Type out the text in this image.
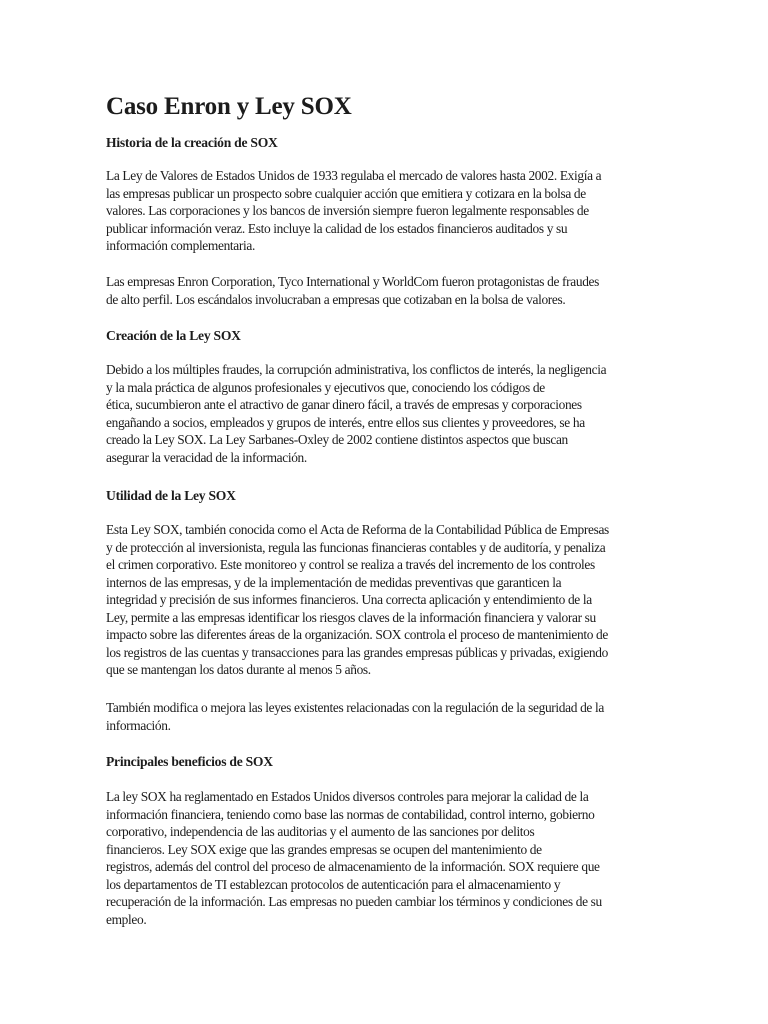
Caso Enron y Ley SOX
Historia de la creación de SOX

La Ley de Valores de Estados Unidos de 1933 regulaba el mercado de valores hasta 2002. Exigía a
las empresas publicar un prospecto sobre cualquier acción que emitiera y cotizara en la bolsa de
valores. Las corporaciones y los bancos de inversión siempre fueron legalmente responsables de
publicar información veraz. Esto incluye la calidad de los estados financieros auditados y su
información complementaria.

Las empresas Enron Corporation, Tyco International y WorldCom fueron protagonistas de fraudes
de alto perfil. Los escándalos involucraban a empresas que cotizaban en la bolsa de valores.

Creación de la Ley SOX

Debido a los múltiples fraudes, la corrupción administrativa, los conflictos de interés, la negligencia
y la mala práctica de algunos profesionales y ejecutivos que, conociendo los códigos de
ética, sucumbieron ante el atractivo de ganar dinero fácil, a través de empresas y corporaciones
engañando a socios, empleados y grupos de interés, entre ellos sus clientes y proveedores, se ha
creado la Ley SOX. La Ley Sarbanes-Oxley de 2002 contiene distintos aspectos que buscan
asegurar la veracidad de la información.

Utilidad de la Ley SOX

Esta Ley SOX, también conocida como el Acta de Reforma de la Contabilidad Pública de Empresas
y de protección al inversionista, regula las funcionas financieras contables y de auditoría, y penaliza
el crimen corporativo. Este monitoreo y control se realiza a través del incremento de los controles
internos de las empresas, y de la implementación de medidas preventivas que garanticen la
integridad y precisión de sus informes financieros. Una correcta aplicación y entendimiento de la
Ley, permite a las empresas identificar los riesgos claves de la información financiera y valorar su
impacto sobre las diferentes áreas de la organización. SOX controla el proceso de mantenimiento de
los registros de las cuentas y transacciones para las grandes empresas públicas y privadas, exigiendo
que se mantengan los datos durante al menos 5 años.

También modifica o mejora las leyes existentes relacionadas con la regulación de la seguridad de la
información.

Principales beneficios de SOX

La ley SOX ha reglamentado en Estados Unidos diversos controles para mejorar la calidad de la
información financiera, teniendo como base las normas de contabilidad, control interno, gobierno
corporativo, independencia de las auditorias y el aumento de las sanciones por delitos
financieros. Ley SOX exige que las grandes empresas se ocupen del mantenimiento de
registros, además del control del proceso de almacenamiento de la información. SOX requiere que
los departamentos de TI establezcan protocolos de autenticación para el almacenamiento y
recuperación de la información. Las empresas no pueden cambiar los términos y condiciones de su
empleo.
